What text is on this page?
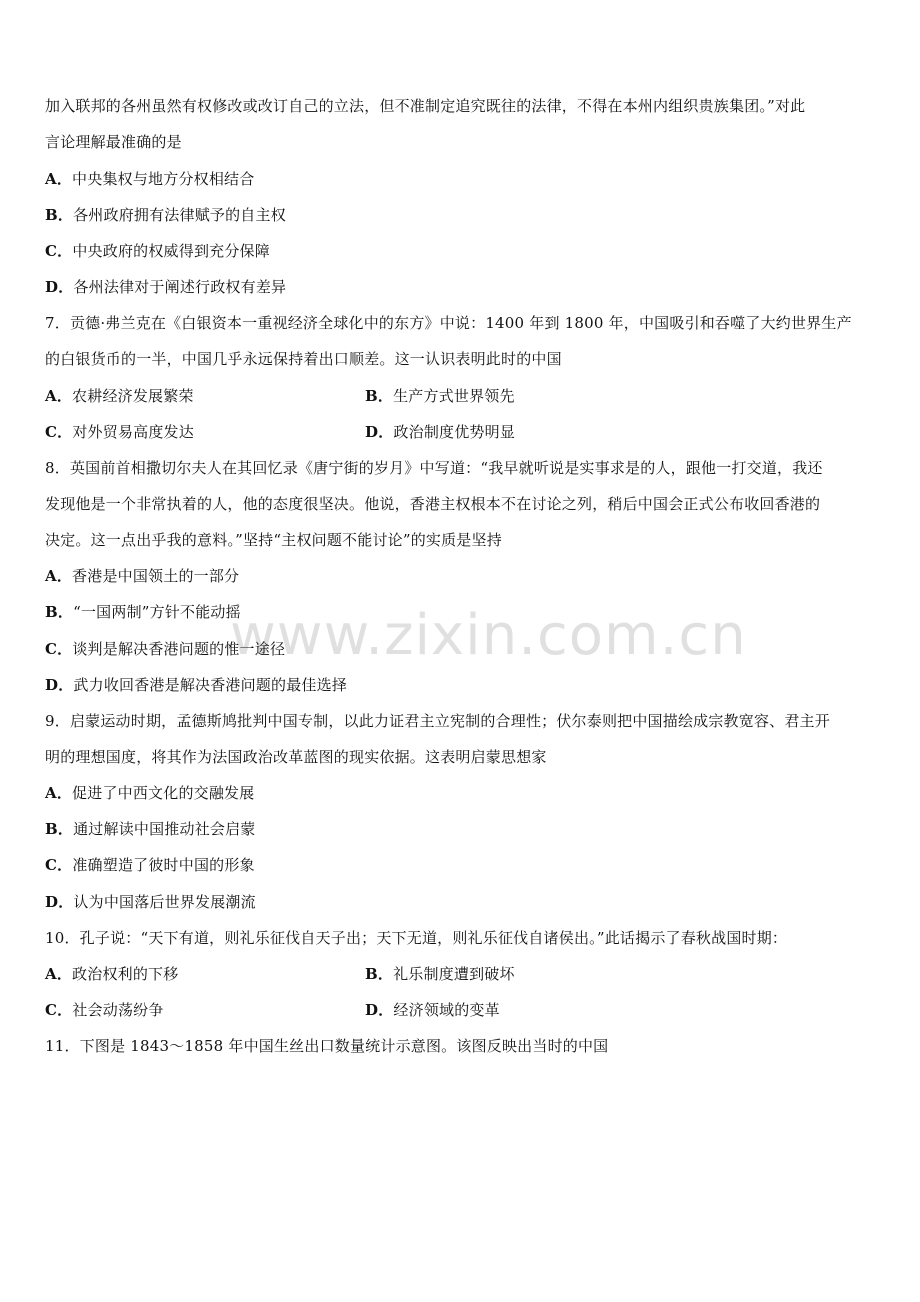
加入联邦的各州虽然有权修改或改订自己的立法，但不准制定追究既往的法律，不得在本州内组织贵族集团。”对此
言论理解最准确的是
A．中央集权与地方分权相结合
B．各州政府拥有法律赋予的自主权
C．中央政府的权威得到充分保障
D．各州法律对于阐述行政权有差异
7．贡德·弗兰克在《白银资本一重视经济全球化中的东方》中说：1400 年到 1800 年，中国吸引和吞噬了大约世界生产
的白银货币的一半，中国几乎永远保持着出口顺差。这一认识表明此时的中国
A．农耕经济发展繁荣	B．生产方式世界领先
C．对外贸易高度发达	D．政治制度优势明显
8．英国前首相撒切尔夫人在其回忆录《唐宁街的岁月》中写道：“我早就听说是实事求是的人，跟他一打交道，我还
发现他是一个非常执着的人，他的态度很坚决。他说，香港主权根本不在讨论之列，稍后中国会正式公布收回香港的
决定。这一点出乎我的意料。”坚持“主权问题不能讨论”的实质是坚持
A．香港是中国领土的一部分
B．“一国两制”方针不能动摇
C．谈判是解决香港问题的惟一途径
D．武力收回香港是解决香港问题的最佳选择
9．启蒙运动时期，孟德斯鸠批判中国专制，以此力证君主立宪制的合理性；伏尔泰则把中国描绘成宗教宽容、君主开
明的理想国度，将其作为法国政治改革蓝图的现实依据。这表明启蒙思想家
A．促进了中西文化的交融发展
B．通过解读中国推动社会启蒙
C．准确塑造了彼时中国的形象
D．认为中国落后世界发展潮流
10．孔子说：“天下有道，则礼乐征伐自天子出；天下无道，则礼乐征伐自诸侯出。”此话揭示了春秋战国时期：
A．政治权利的下移	B．礼乐制度遭到破坏
C．社会动荡纷争	D．经济领域的变革
11．下图是 1843～1858 年中国生丝出口数量统计示意图。该图反映出当时的中国
www.zixin.com.cn
